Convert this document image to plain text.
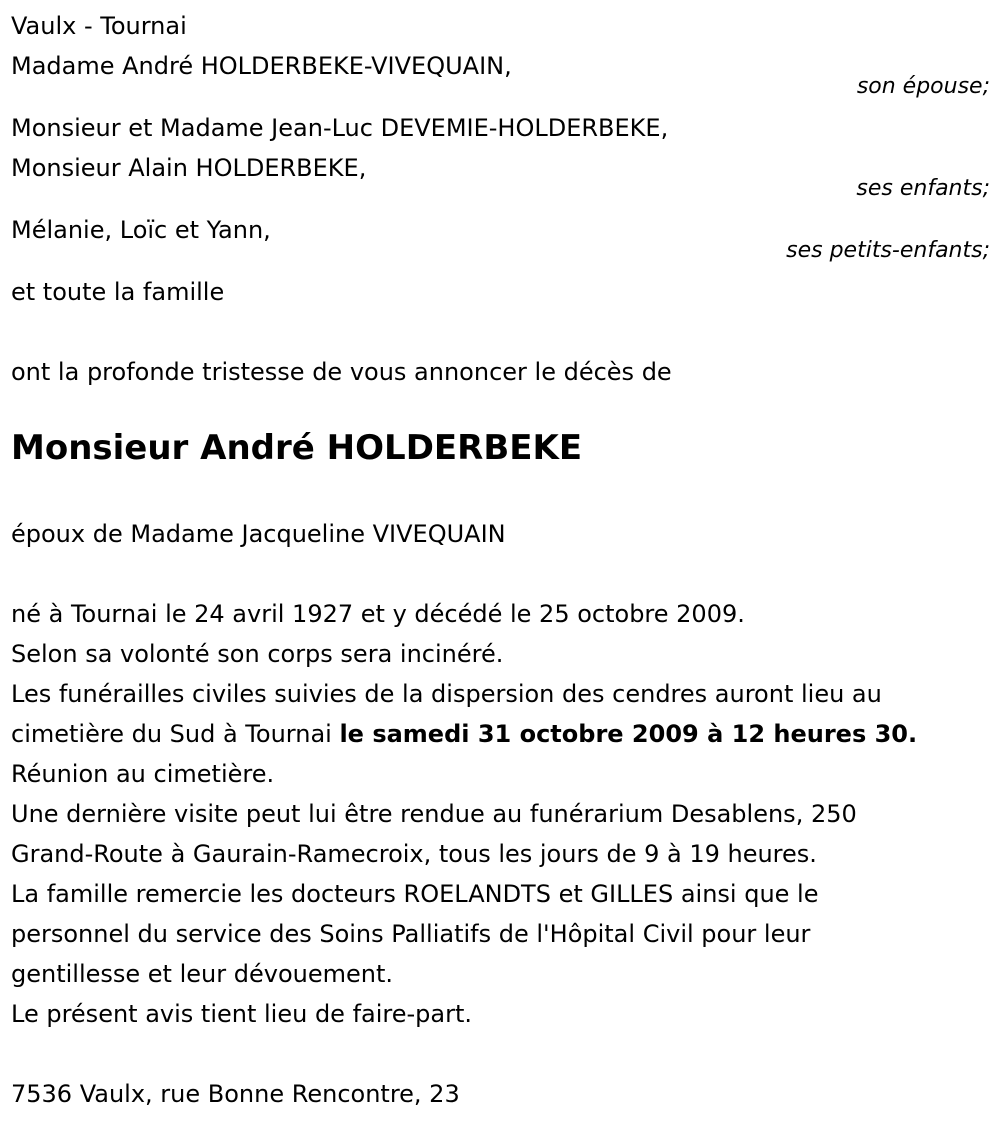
Vaulx - Tournai
Madame André HOLDERBEKE-VIVEQUAIN,
son épouse;
Monsieur et Madame Jean-Luc DEVEMIE-HOLDERBEKE,
Monsieur Alain HOLDERBEKE,
ses enfants;
Mélanie, Loïc et Yann,
ses petits-enfants;
et toute la famille
ont la profonde tristesse de vous annoncer le décès de
Monsieur André HOLDERBEKE
époux de Madame Jacqueline VIVEQUAIN
né à Tournai le 24 avril 1927 et y décédé le 25 octobre 2009.
Selon sa volonté son corps sera incinéré.
Les funérailles civiles suivies de la dispersion des cendres auront lieu au
cimetière du Sud à Tournai le samedi 31 octobre 2009 à 12 heures 30.
Réunion au cimetière.
Une dernière visite peut lui être rendue au funérarium Desablens, 250
Grand-Route à Gaurain-Ramecroix, tous les jours de 9 à 19 heures.
La famille remercie les docteurs ROELANDTS et GILLES ainsi que le
personnel du service des Soins Palliatifs de l'Hôpital Civil pour leur
gentillesse et leur dévouement.
Le présent avis tient lieu de faire-part.
7536 Vaulx, rue Bonne Rencontre, 23
